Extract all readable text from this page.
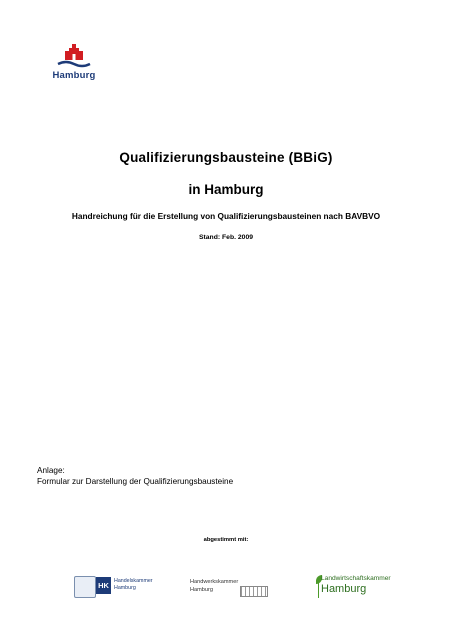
Hamburg
Qualifizierungsbausteine (BBiG)
in Hamburg
Handreichung für die Erstellung von Qualifizierungsbausteinen nach BAVBVO
Stand: Feb. 2009
Anlage:
Formular zur Darstellung der Qualifizierungsbausteine
abgestimmt mit:
HK Handelskammer
Hamburg
Handwerkskammer
Hamburg
Landwirtschaftskammer
Hamburg
